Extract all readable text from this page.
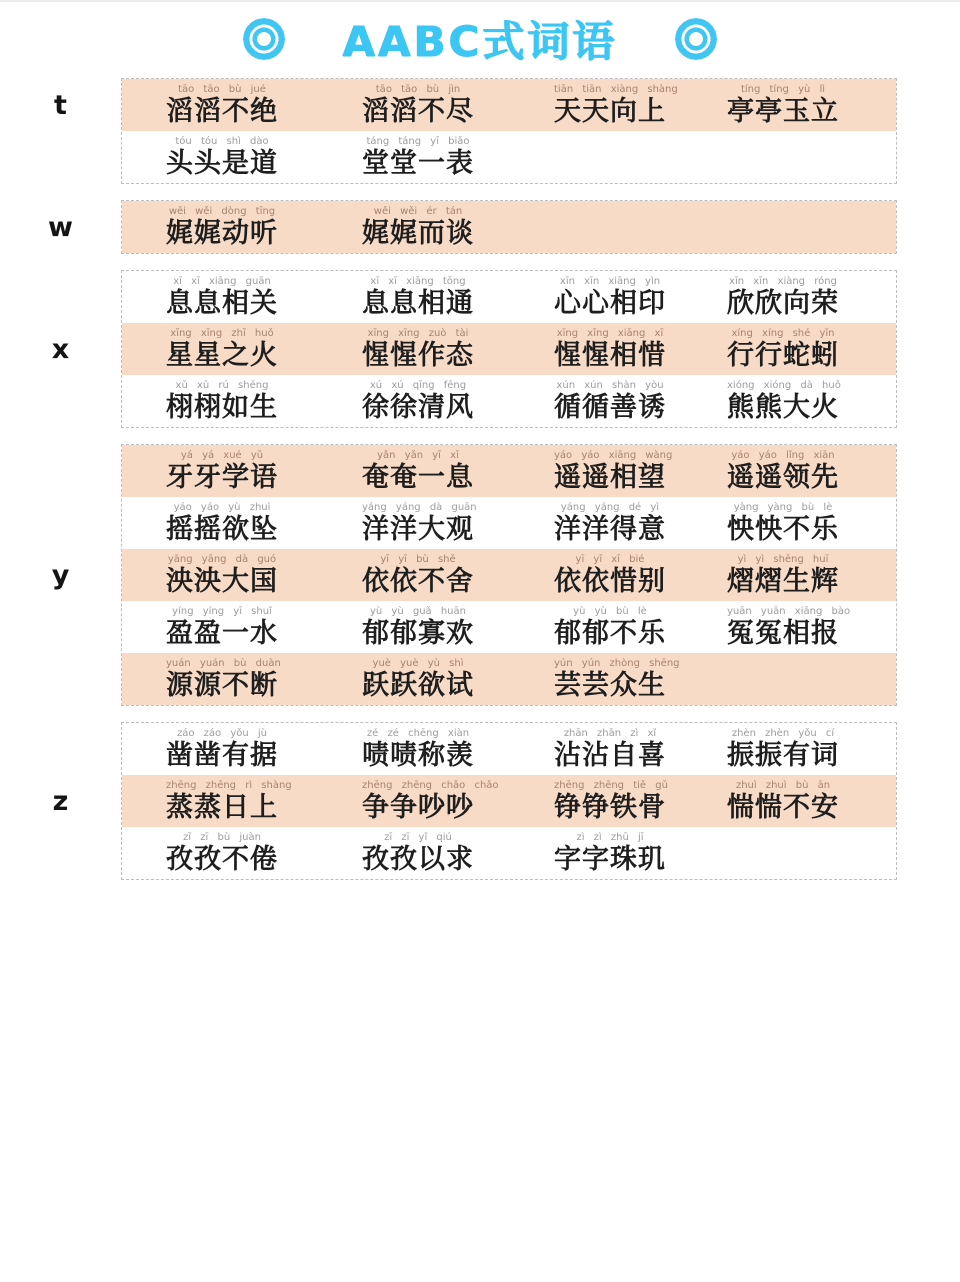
AABC式词语
t
tāo tāo bù jué
滔滔不绝
tāo tāo bù jìn
滔滔不尽
tiān tiān xiàng shàng
天天向上
tíng tíng yù lì
亭亭玉立
tóu tóu shì dào
头头是道
táng táng yī biǎo
堂堂一表
w	wěi wěi dòng tīng
娓娓动听
wěi wěi ér tán
娓娓而谈
x
xī xī xiāng guān
息息相关
xī xī xiāng tōng
息息相通
xīn xīn xiāng yìn
心心相印
xīn xīn xiàng róng
欣欣向荣
xīng xīng zhī huǒ
星星之火
xīng xīng zuò tài
惺惺作态
xīng xīng xiāng xī
惺惺相惜
xíng xíng shé yǐn
行行蛇蚓
xǔ xǔ rú shēng
栩栩如生
xú xú qīng fēng
徐徐清风
xún xún shàn yòu
循循善诱
xióng xióng dà huǒ
熊熊大火
y
yá yá xué yǔ
牙牙学语
yǎn yǎn yī xī
奄奄一息
yáo yáo xiāng wàng
遥遥相望
yáo yáo lǐng xiān
遥遥领先
yáo yáo yù zhuì
摇摇欲坠
yáng yáng dà guān
洋洋大观
yáng yáng dé yì
洋洋得意
yàng yàng bù lè
怏怏不乐
yāng yāng dà guó
泱泱大国
yī yī bù shě
依依不舍
yī yī xī bié
依依惜别
yì yì shēng huī
熠熠生辉
yíng yíng yī shuǐ
盈盈一水
yù yù guǎ huān
郁郁寡欢
yù yù bù lè
郁郁不乐
yuān yuān xiāng bào
冤冤相报
yuán yuán bù duàn
源源不断
yuè yuè yù shì
跃跃欲试
yún yún zhòng shēng
芸芸众生
z
záo záo yǒu jù
凿凿有据
zé zé chēng xiàn
啧啧称羡
zhān zhān zì xǐ
沾沾自喜
zhèn zhèn yǒu cí
振振有词
zhēng zhēng rì shàng
蒸蒸日上
zhēng zhēng chǎo chǎo
争争吵吵
zhēng zhēng tiě gǔ
铮铮铁骨
zhuì zhuì bù ān
惴惴不安
zī zī bù juàn
孜孜不倦
zī zī yǐ qiú
孜孜以求
zì zì zhū jī
字字珠玑
